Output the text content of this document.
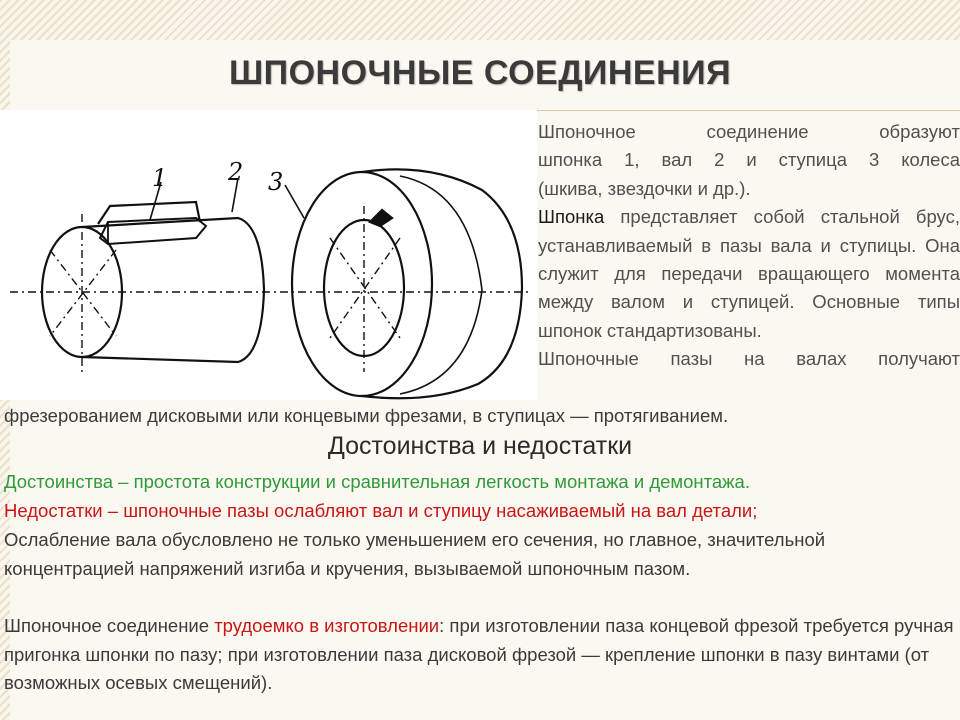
ШПОНОЧНЫЕ СОЕДИНЕНИЯ
1	2 3

Шпоночное соединение образуют

шпонка 1, вал 2 и ступица 3 колеса

(шкива, звездочки и др.).

Шпонка представляет собой стальной брус, устанавливаемый в пазы вала и ступицы. Она служит для передачи вращающего момента между валом и ступицей. Основные типы шпонок стандартизованы.

Шпоночные пазы на валах получают

фрезерованием дисковыми или концевыми фрезами, в ступицах — протягиванием.
Достоинства и недостатки
Достоинства – простота конструкции и сравнительная легкость монтажа и демонтажа.
Недостатки – шпоночные пазы ослабляют вал и ступицу насаживаемый на вал детали;
Ослабление вала обусловлено не только уменьшением его сечения, но главное, значительной концентрацией напряжений изгиба и кручения, вызываемой шпоночным пазом.
Шпоночное соединение трудоемко в изготовлении: при изготовлении паза концевой фрезой требуется ручная пригонка шпонки по пазу; при изготовлении паза дисковой фрезой — крепление шпонки в пазу винтами (от возможных осевых смещений).
